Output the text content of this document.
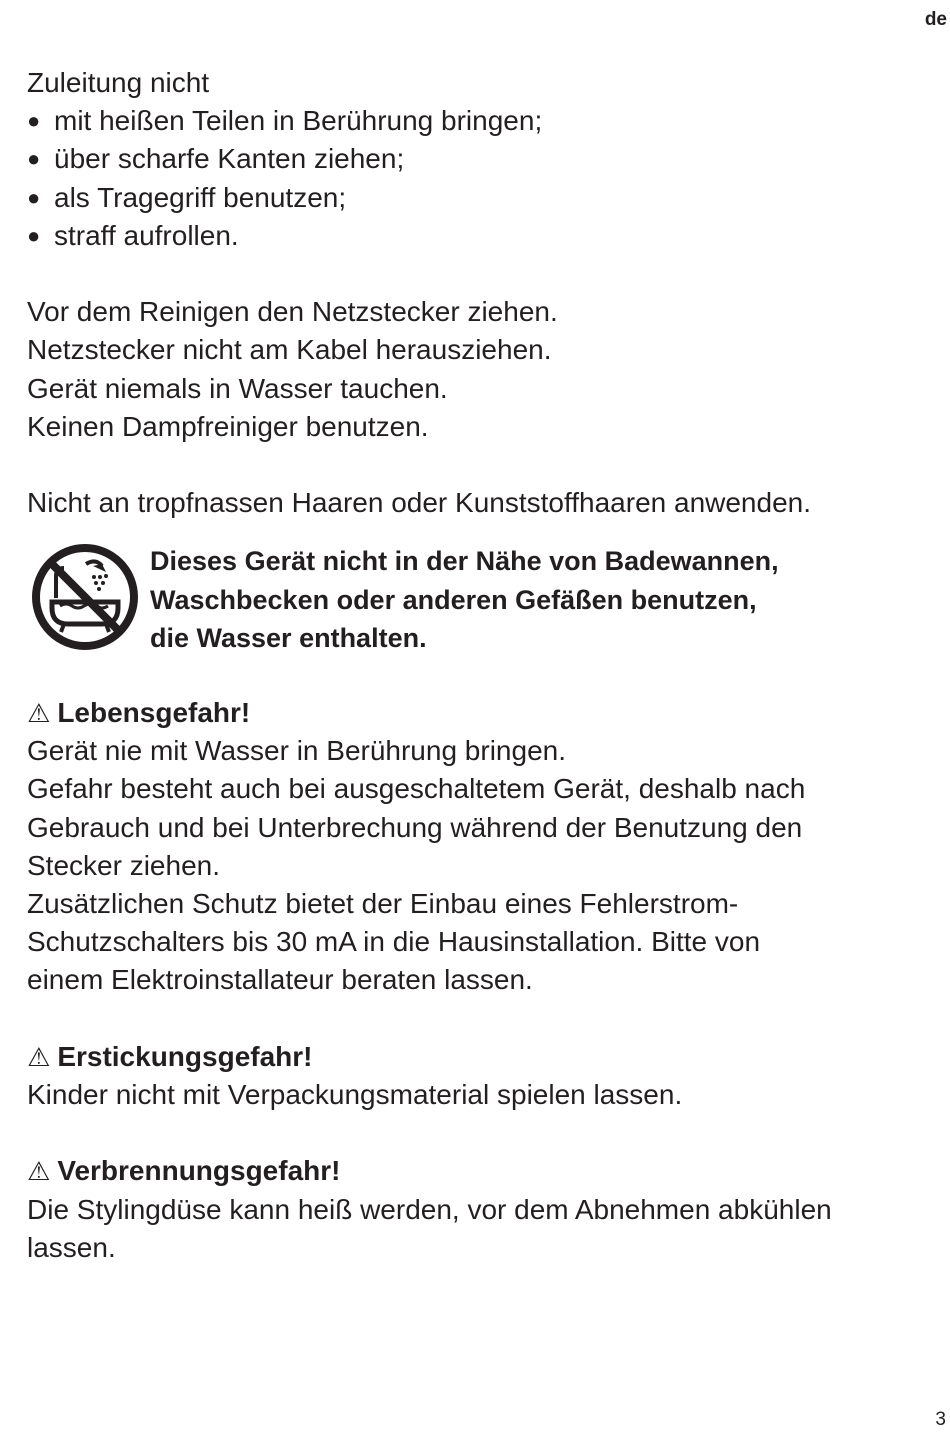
de
Zuleitung nicht
● mit heißen Teilen in Berührung bringen;
● über scharfe Kanten ziehen;
● als Tragegriff benutzen;
● straff aufrollen.
Vor dem Reinigen den Netzstecker ziehen.
Netzstecker nicht am Kabel herausziehen.
Gerät niemals in Wasser tauchen.
Keinen Dampfreiniger benutzen.
Nicht an tropfnassen Haaren oder Kunststoffhaaren anwenden.
Dieses Gerät nicht in der Nähe von Badewannen,
Waschbecken oder anderen Gefäßen benutzen,
die Wasser enthalten.
⚠ Lebensgefahr!
Gerät nie mit Wasser in Berührung bringen.
Gefahr besteht auch bei ausgeschaltetem Gerät, deshalb nach
Gebrauch und bei Unterbrechung während der Benutzung den
Stecker ziehen.
Zusätzlichen Schutz bietet der Einbau eines Fehlerstrom-
Schutzschalters bis 30 mA in die Hausinstallation. Bitte von
einem Elektroinstallateur beraten lassen.
⚠ Erstickungsgefahr!
Kinder nicht mit Verpackungsmaterial spielen lassen.
⚠ Verbrennungsgefahr!
Die Stylingdüse kann heiß werden, vor dem Abnehmen abkühlen
lassen.
3
